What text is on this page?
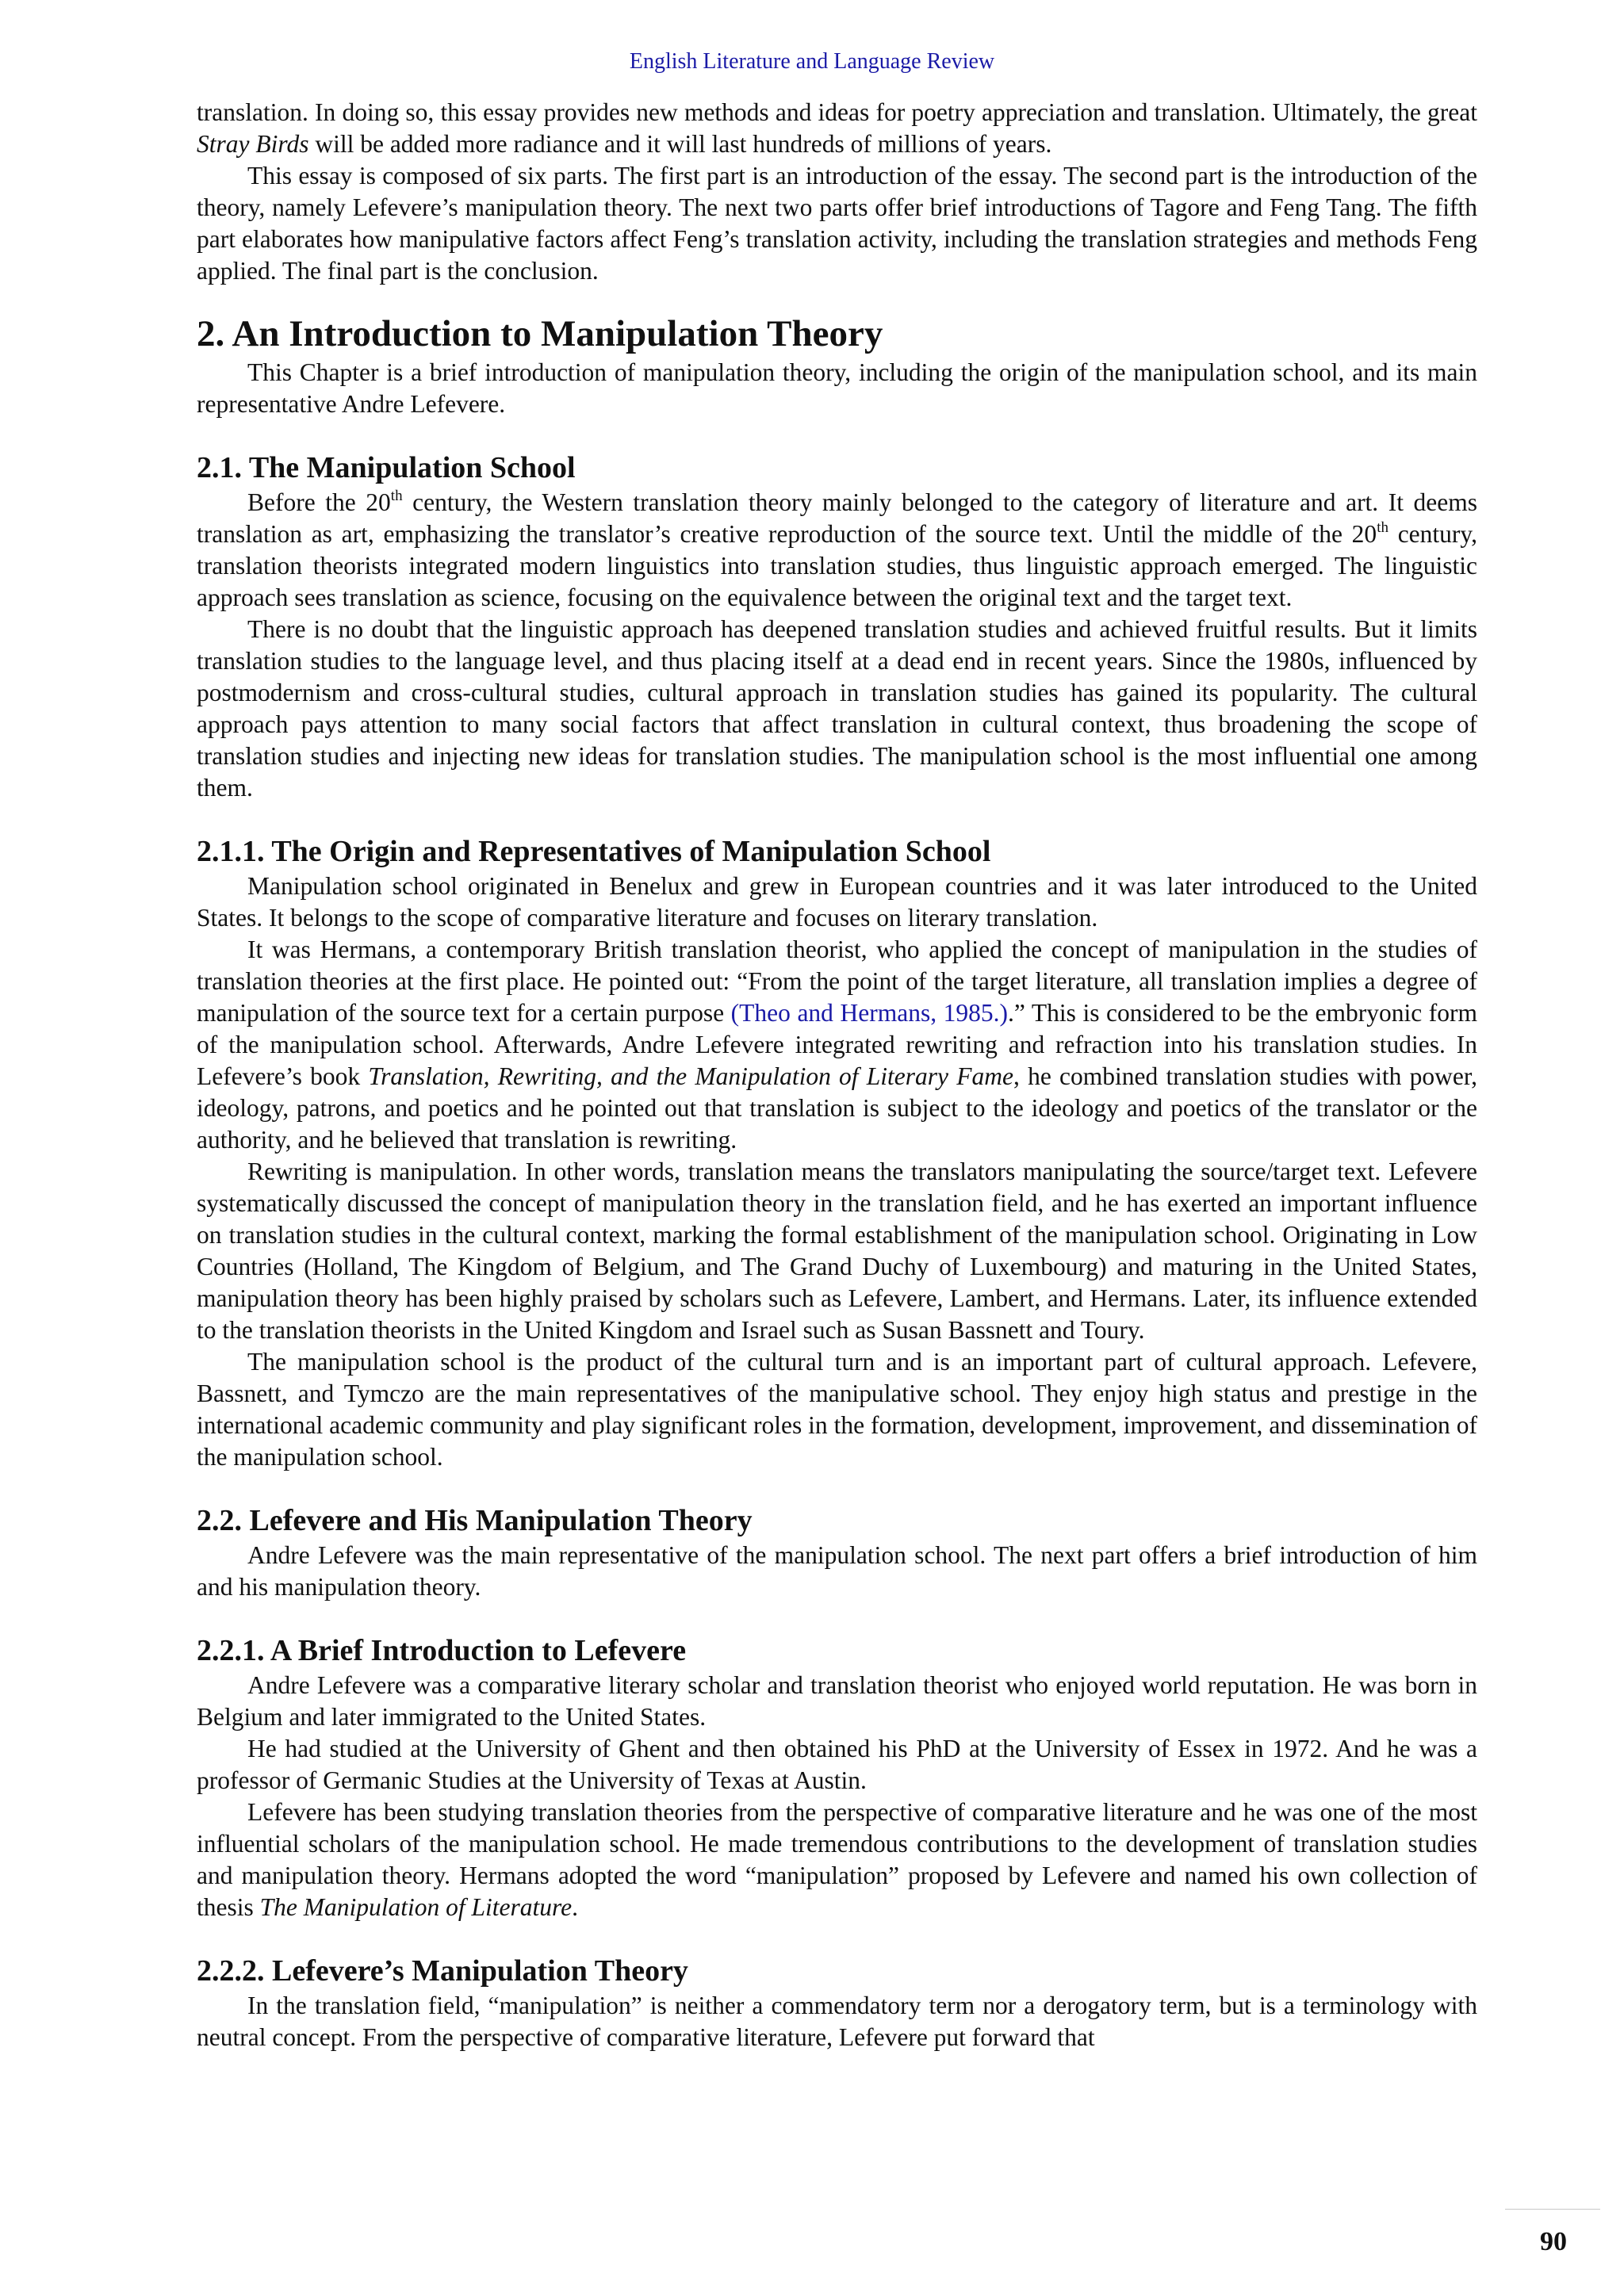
English Literature and Language Review

translation. In doing so, this essay provides new methods and ideas for poetry appreciation and translation. Ultimately, the great Stray Birds will be added more radiance and it will last hundreds of millions of years.

This essay is composed of six parts. The first part is an introduction of the essay. The second part is the introduction of the theory, namely Lefevere’s manipulation theory. The next two parts offer brief introductions of Tagore and Feng Tang. The fifth part elaborates how manipulative factors affect Feng’s translation activity, including the translation strategies and methods Feng applied. The final part is the conclusion.

2. An Introduction to Manipulation Theory

This Chapter is a brief introduction of manipulation theory, including the origin of the manipulation school, and its main representative Andre Lefevere.

2.1. The Manipulation School

Before the 20th century, the Western translation theory mainly belonged to the category of literature and art. It deems translation as art, emphasizing the translator’s creative reproduction of the source text. Until the middle of the 20th century, translation theorists integrated modern linguistics into translation studies, thus linguistic approach emerged. The linguistic approach sees translation as science, focusing on the equivalence between the original text and the target text.

There is no doubt that the linguistic approach has deepened translation studies and achieved fruitful results. But it limits translation studies to the language level, and thus placing itself at a dead end in recent years. Since the 1980s, influenced by postmodernism and cross-cultural studies, cultural approach in translation studies has gained its popularity. The cultural approach pays attention to many social factors that affect translation in cultural context, thus broadening the scope of translation studies and injecting new ideas for translation studies. The manipulation school is the most influential one among them.

2.1.1. The Origin and Representatives of Manipulation School

Manipulation school originated in Benelux and grew in European countries and it was later introduced to the United States. It belongs to the scope of comparative literature and focuses on literary translation.

It was Hermans, a contemporary British translation theorist, who applied the concept of manipulation in the studies of translation theories at the first place. He pointed out: “From the point of the target literature, all translation implies a degree of manipulation of the source text for a certain purpose (Theo and Hermans, 1985.).” This is considered to be the embryonic form of the manipulation school. Afterwards, Andre Lefevere integrated rewriting and refraction into his translation studies. In Lefevere’s book Translation, Rewriting, and the Manipulation of Literary Fame, he combined translation studies with power, ideology, patrons, and poetics and he pointed out that translation is subject to the ideology and poetics of the translator or the authority, and he believed that translation is rewriting.

Rewriting is manipulation. In other words, translation means the translators manipulating the source/target text. Lefevere systematically discussed the concept of manipulation theory in the translation field, and he has exerted an important influence on translation studies in the cultural context, marking the formal establishment of the manipulation school. Originating in Low Countries (Holland, The Kingdom of Belgium, and The Grand Duchy of Luxembourg) and maturing in the United States, manipulation theory has been highly praised by scholars such as Lefevere, Lambert, and Hermans. Later, its influence extended to the translation theorists in the United Kingdom and Israel such as Susan Bassnett and Toury.

The manipulation school is the product of the cultural turn and is an important part of cultural approach. Lefevere, Bassnett, and Tymczo are the main representatives of the manipulative school. They enjoy high status and prestige in the international academic community and play significant roles in the formation, development, improvement, and dissemination of the manipulation school.

2.2. Lefevere and His Manipulation Theory

Andre Lefevere was the main representative of the manipulation school. The next part offers a brief introduction of him and his manipulation theory.

2.2.1. A Brief Introduction to Lefevere

Andre Lefevere was a comparative literary scholar and translation theorist who enjoyed world reputation. He was born in Belgium and later immigrated to the United States.

He had studied at the University of Ghent and then obtained his PhD at the University of Essex in 1972. And he was a professor of Germanic Studies at the University of Texas at Austin.

Lefevere has been studying translation theories from the perspective of comparative literature and he was one of the most influential scholars of the manipulation school. He made tremendous contributions to the development of translation studies and manipulation theory. Hermans adopted the word “manipulation” proposed by Lefevere and named his own collection of thesis The Manipulation of Literature.

2.2.2. Lefevere’s Manipulation Theory

In the translation field, “manipulation” is neither a commendatory term nor a derogatory term, but is a terminology with neutral concept. From the perspective of comparative literature, Lefevere put forward that

90
